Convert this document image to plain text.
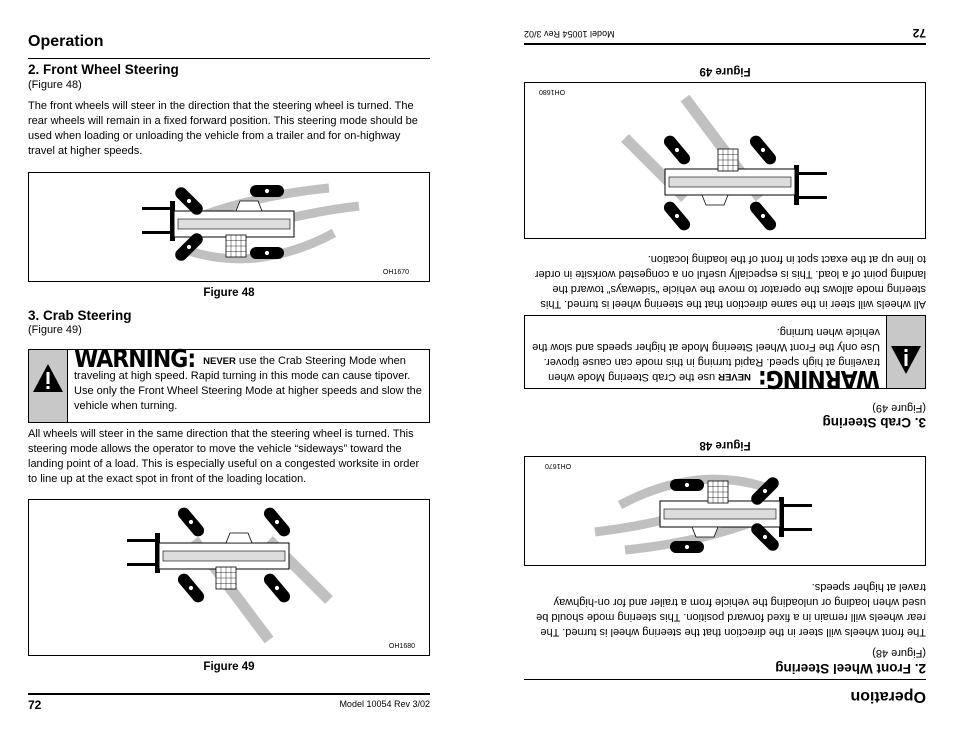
Operation
2. Front Wheel Steering
(Figure 48)
The front wheels will steer in the direction that the steering wheel is turned. The rear wheels will remain in a fixed forward position. This steering mode should be used when loading or unloading the vehicle from a trailer and for on-highway travel at higher speeds.
OH1670
Figure 48
3. Crab Steering
(Figure 49)
WARNING: NEVER use the Crab Steering Mode when traveling at high speed. Rapid turning in this mode can cause tipover. Use only the Front Wheel Steering Mode at higher speeds and slow the vehicle when turning.
All wheels will steer in the same direction that the steering wheel is turned. This steering mode allows the operator to move the vehicle “sideways” toward the landing point of a load. This is especially useful on a congested worksite in order to line up at the exact spot in front of the loading location.
OH1680
Figure 49
72	Model 10054 Rev 3/02	Operation
2. Front Wheel Steering
(Figure 48)
The front wheels will steer in the direction that the steering wheel is turned. The rear wheels will remain in a fixed forward position. This steering mode should be used when loading or unloading the vehicle from a trailer and for on-highway travel at higher speeds.
OH1670
Figure 48
3. Crab Steering
(Figure 49)
WARNING:NEVER use the Crab Steering Mode when traveling at high speed. Rapid turning in this mode can cause tipover. Use only the Front Wheel Steering Mode at higher speeds and slow the vehicle when turning.
All wheels will steer in the same direction that the steering wheel is turned. This steering mode allows the operator to move the vehicle “sideways” toward the landing point of a load. This is especially useful on a congested worksite in order to line up at the exact spot in front of the loading location.
OH1680
Figure 49
72
Model 10054 Rev 3/02
